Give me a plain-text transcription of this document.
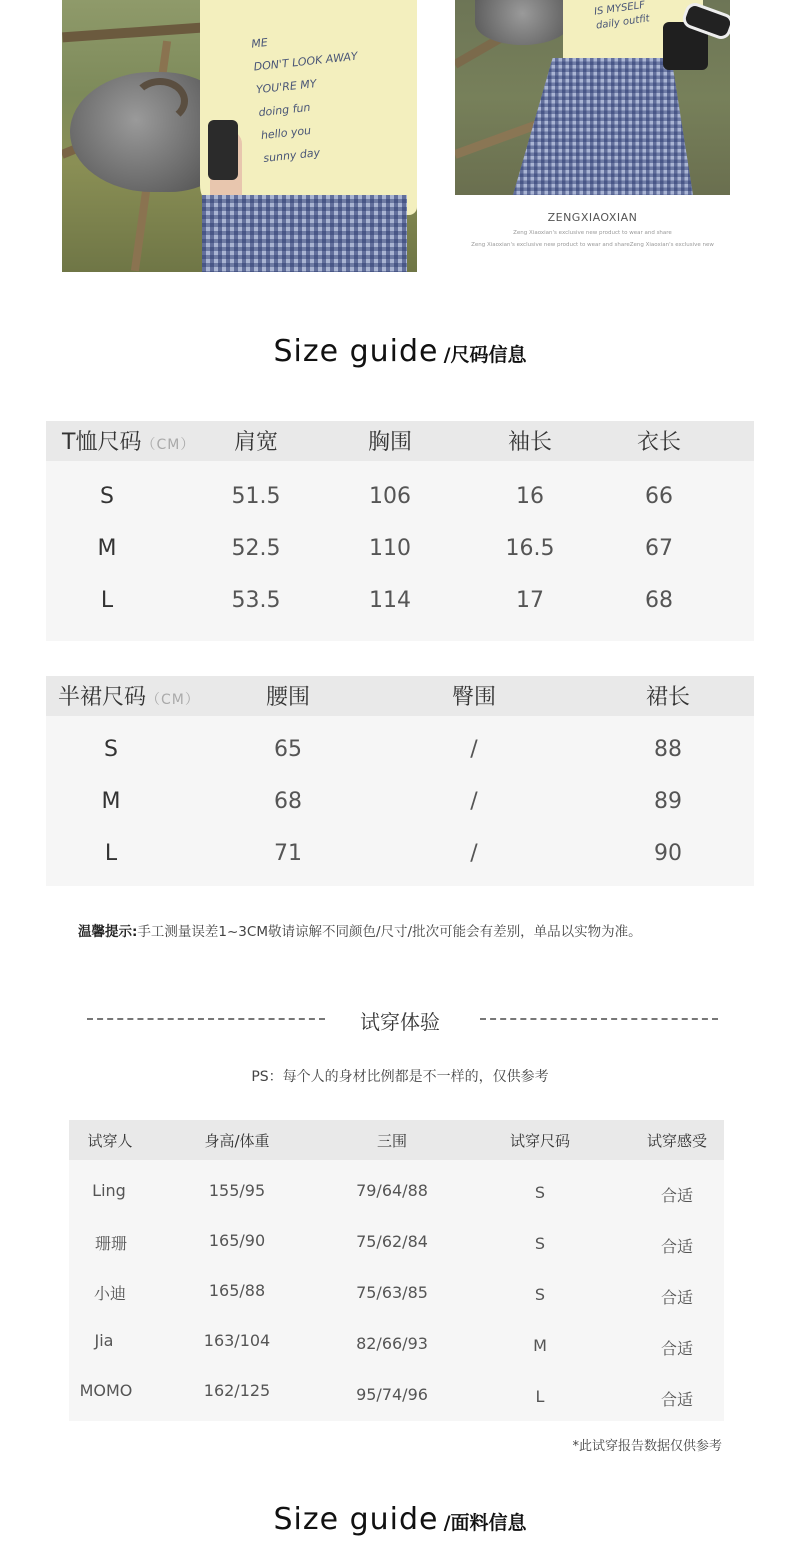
ME
DON'T LOOK AWAY
YOU'RE MY
doing fun
hello you
sunny day
IS MYSELF
daily outfit
ZENGXIAOXIAN
Zeng Xiaoxian's exclusive new product to wear and share
Zeng Xiaoxian's exclusive new product to wear and shareZeng Xiaoxian's exclusive new
Size guide /尺码信息
T恤尺码（CM）	肩宽	胸围	袖长	衣长
S	51.5	106	16	66
M	52.5	110	16.5	67
L	53.5	114	17	68
半裙尺码（CM）	腰围	臀围	裙长
S	65	/	88
M	68	/	89
L	71	/	90
温馨提示:手工测量误差1~3CM敬请谅解不同颜色/尺寸/批次可能会有差别，单品以实物为准。
试穿体验
PS：每个人的身材比例都是不一样的，仅供参考
试穿人	身高/体重	三围	试穿尺码	试穿感受
Ling	155/95	79/64/88	S	合适
珊珊	165/90	75/62/84	S	合适
小迪	165/88	75/63/85	S	合适
Jia	163/104	82/66/93	M	合适
MOMO	162/125	95/74/96	L	合适
*此试穿报告数据仅供参考
Size guide /面料信息
